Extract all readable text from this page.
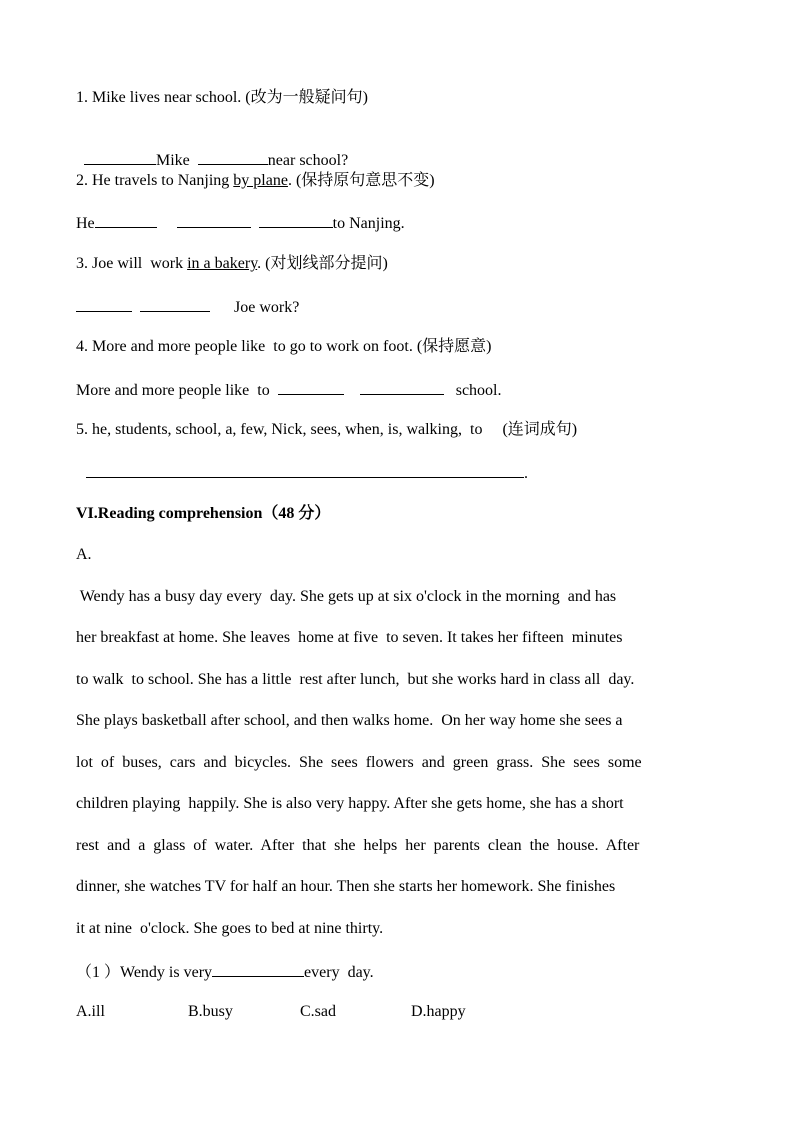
1. Mike lives near school. (改为一般疑问句)

Mike	near school?

2. He travels to Nanjing by plane. (保持原句意思不变)
He	to Nanjing.
3. Joe will  work in a bakery. (对划线部分提问)
Joe work?
4. More and more people like  to go to work on foot. (保持愿意)
More and more people like  to	school.
5. he, students, school, a, few, Nick, sees, when, is, walking,  to     (连词成句)
.
VI.Reading comprehension（48 分）
A.
Wendy has a busy day every  day. She gets up at six o'clock in the morning  and has
her breakfast at home. She leaves  home at five  to seven. It takes her fifteen  minutes
to walk  to school. She has a little  rest after lunch,  but she works hard in class all  day.
She plays basketball after school, and then walks home.  On her way home she sees a
lot  of  buses,  cars  and  bicycles.  She  sees  flowers  and  green  grass.  She  sees  some
children playing  happily. She is also very happy. After she gets home, she has a short
rest  and  a  glass  of  water.  After  that  she  helps  her  parents  clean  the  house.  After
dinner, she watches TV for half an hour. Then she starts her homework. She finishes
it at nine  o'clock. She goes to bed at nine thirty.
（1 ）Wendy is very	every  day.
A.ill	B.busy	C.sad	D.happy
